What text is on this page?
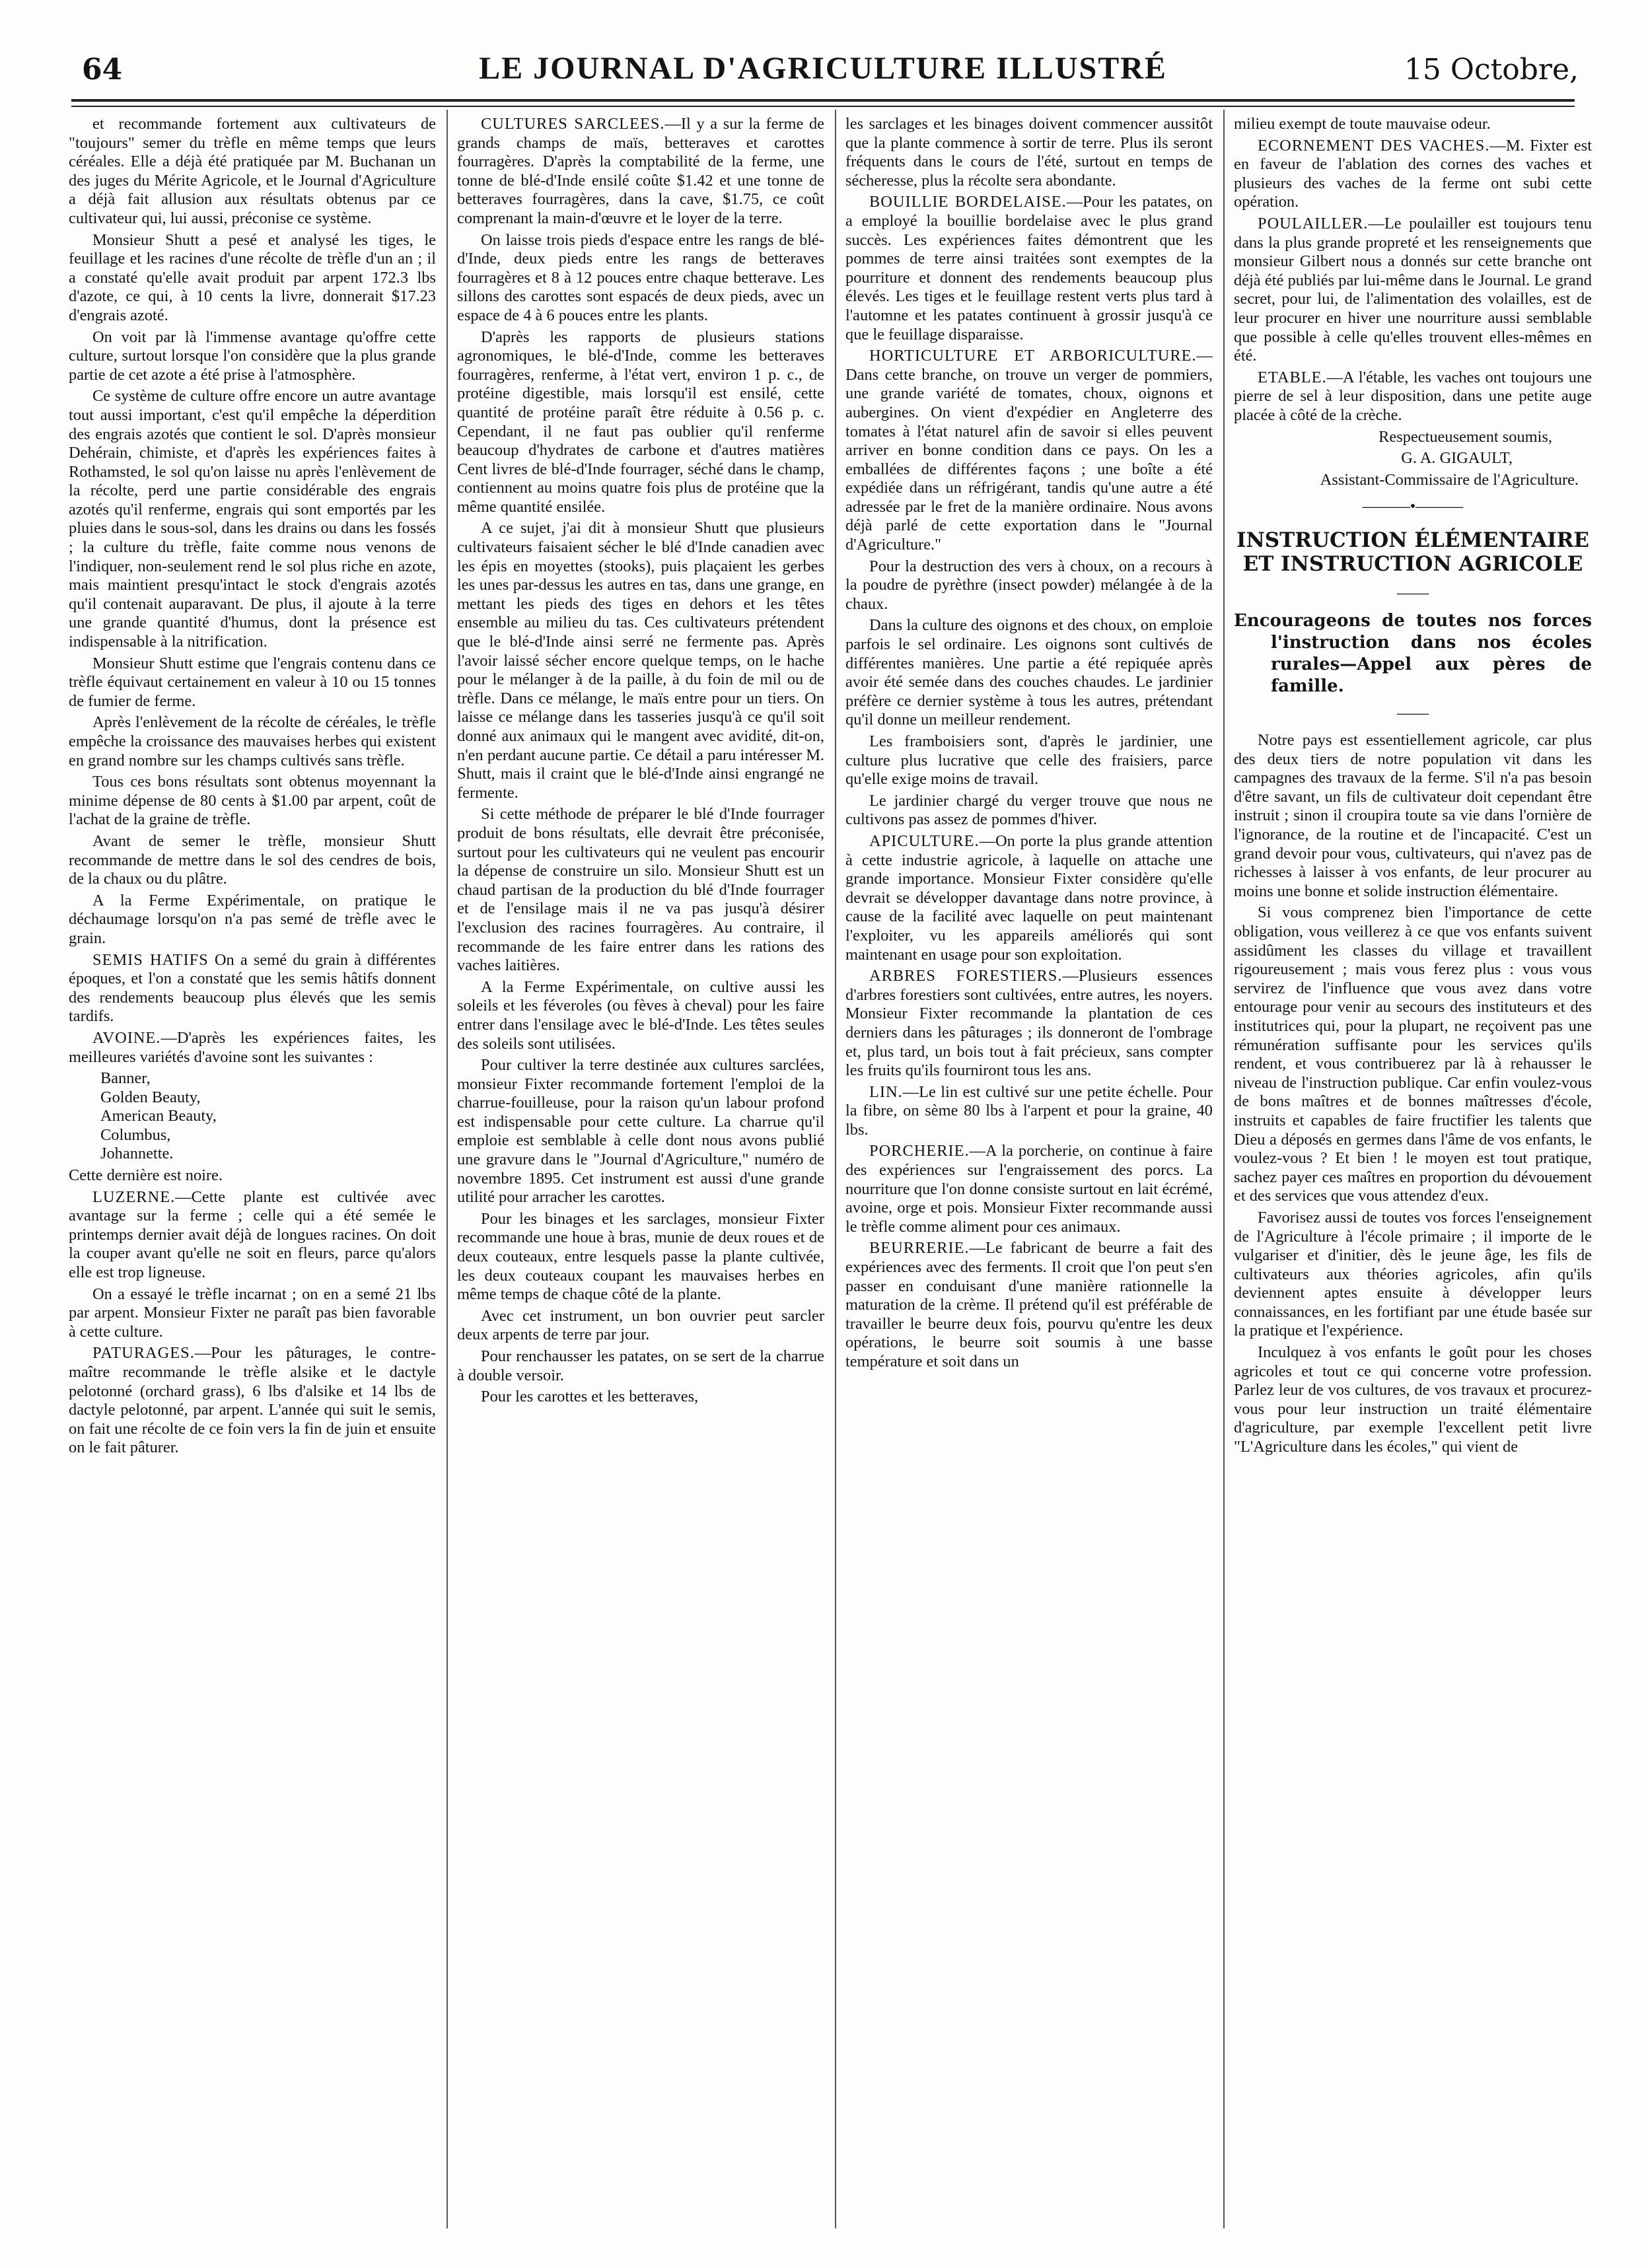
64	LE JOURNAL D'AGRICULTURE ILLUSTRÉ	15 Octobre,

et recommande fortement aux cultivateurs de "toujours" semer du trèfle en même temps que leurs céréales. Elle a déjà été pratiquée par M. Buchanan un des juges du Mérite Agricole, et le Journal d'Agriculture a déjà fait allusion aux résultats obtenus par ce cultivateur qui, lui aussi, préconise ce système.

Monsieur Shutt a pesé et analysé les tiges, le feuillage et les racines d'une récolte de trèfle d'un an ; il a constaté qu'elle avait produit par arpent 172.3 lbs d'azote, ce qui, à 10 cents la livre, donnerait $17.23 d'engrais azoté.

On voit par là l'immense avantage qu'offre cette culture, surtout lorsque l'on considère que la plus grande partie de cet azote a été prise à l'atmosphère.

Ce système de culture offre encore un autre avantage tout aussi important, c'est qu'il empêche la déperdition des engrais azotés que contient le sol. D'après monsieur Dehérain, chimiste, et d'après les expériences faites à Rothamsted, le sol qu'on laisse nu après l'enlèvement de la récolte, perd une partie considérable des engrais azotés qu'il renferme, engrais qui sont emportés par les pluies dans le sous-sol, dans les drains ou dans les fossés ; la culture du trèfle, faite comme nous venons de l'indiquer, non-seulement rend le sol plus riche en azote, mais maintient presqu'intact le stock d'engrais azotés qu'il contenait auparavant. De plus, il ajoute à la terre une grande quantité d'humus, dont la présence est indispensable à la nitrification.

Monsieur Shutt estime que l'engrais contenu dans ce trèfle équivaut certainement en valeur à 10 ou 15 tonnes de fumier de ferme.

Après l'enlèvement de la récolte de céréales, le trèfle empêche la croissance des mauvaises herbes qui existent en grand nombre sur les champs cultivés sans trèfle.

Tous ces bons résultats sont obtenus moyennant la minime dépense de 80 cents à $1.00 par arpent, coût de l'achat de la graine de trèfle.

Avant de semer le trèfle, monsieur Shutt recommande de mettre dans le sol des cendres de bois, de la chaux ou du plâtre.

A la Ferme Expérimentale, on pratique le déchaumage lorsqu'on n'a pas semé de trèfle avec le grain.

SEMIS HATIFS On a semé du grain à différentes époques, et l'on a constaté que les semis hâtifs donnent des rendements beaucoup plus élevés que les semis tardifs.

AVOINE.—D'après les expériences faites, les meilleures variétés d'avoine sont les suivantes :

Banner,
Golden Beauty,
American Beauty,
Columbus,
Johannette.

Cette dernière est noire.

LUZERNE.—Cette plante est cultivée avec avantage sur la ferme ; celle qui a été semée le printemps dernier avait déjà de longues racines. On doit la couper avant qu'elle ne soit en fleurs, parce qu'alors elle est trop ligneuse.

On a essayé le trèfle incarnat ; on en a semé 21 lbs par arpent. Monsieur Fixter ne paraît pas bien favorable à cette culture.

PATURAGES.—Pour les pâturages, le contre-maître recommande le trèfle alsike et le dactyle pelotonné (orchard grass), 6 lbs d'alsike et 14 lbs de dactyle pelotonné, par arpent. L'année qui suit le semis, on fait une récolte de ce foin vers la fin de juin et ensuite on le fait pâturer.

CULTURES SARCLEES.—Il y a sur la ferme de grands champs de maïs, betteraves et carottes fourragères. D'après la comptabilité de la ferme, une tonne de blé-d'Inde ensilé coûte $1.42 et une tonne de betteraves fourragères, dans la cave, $1.75, ce coût comprenant la main-d'œuvre et le loyer de la terre.

On laisse trois pieds d'espace entre les rangs de blé-d'Inde, deux pieds entre les rangs de betteraves fourragères et 8 à 12 pouces entre chaque betterave. Les sillons des carottes sont espacés de deux pieds, avec un espace de 4 à 6 pouces entre les plants.

D'après les rapports de plusieurs stations agronomiques, le blé-d'Inde, comme les betteraves fourragères, renferme, à l'état vert, environ 1 p. c., de protéine digestible, mais lorsqu'il est ensilé, cette quantité de protéine paraît être réduite à 0.56 p. c. Cependant, il ne faut pas oublier qu'il renferme beaucoup d'hydrates de carbone et d'autres matières Cent livres de blé-d'Inde fourrager, séché dans le champ, contiennent au moins quatre fois plus de protéine que la même quantité ensilée.

A ce sujet, j'ai dit à monsieur Shutt que plusieurs cultivateurs faisaient sécher le blé d'Inde canadien avec les épis en moyettes (stooks), puis plaçaient les gerbes les unes par-dessus les autres en tas, dans une grange, en mettant les pieds des tiges en dehors et les têtes ensemble au milieu du tas. Ces cultivateurs prétendent que le blé-d'Inde ainsi serré ne fermente pas. Après l'avoir laissé sécher encore quelque temps, on le hache pour le mélanger à de la paille, à du foin de mil ou de trèfle. Dans ce mélange, le maïs entre pour un tiers. On laisse ce mélange dans les tasseries jusqu'à ce qu'il soit donné aux animaux qui le mangent avec avidité, dit-on, n'en perdant aucune partie. Ce détail a paru intéresser M. Shutt, mais il craint que le blé-d'Inde ainsi engrangé ne fermente.

Si cette méthode de préparer le blé d'Inde fourrager produit de bons résultats, elle devrait être préconisée, surtout pour les cultivateurs qui ne veulent pas encourir la dépense de construire un silo. Monsieur Shutt est un chaud partisan de la production du blé d'Inde fourrager et de l'ensilage mais il ne va pas jusqu'à désirer l'exclusion des racines fourragères. Au contraire, il recommande de les faire entrer dans les rations des vaches laitières.

A la Ferme Expérimentale, on cultive aussi les soleils et les féveroles (ou fèves à cheval) pour les faire entrer dans l'ensilage avec le blé-d'Inde. Les têtes seules des soleils sont utilisées.

Pour cultiver la terre destinée aux cultures sarclées, monsieur Fixter recommande fortement l'emploi de la charrue-fouilleuse, pour la raison qu'un labour profond est indispensable pour cette culture. La charrue qu'il emploie est semblable à celle dont nous avons publié une gravure dans le "Journal d'Agriculture," numéro de novembre 1895. Cet instrument est aussi d'une grande utilité pour arracher les carottes.

Pour les binages et les sarclages, monsieur Fixter recommande une houe à bras, munie de deux roues et de deux couteaux, entre lesquels passe la plante cultivée, les deux couteaux coupant les mauvaises herbes en même temps de chaque côté de la plante.

Avec cet instrument, un bon ouvrier peut sarcler deux arpents de terre par jour.

Pour renchausser les patates, on se sert de la charrue à double versoir.

Pour les carottes et les betteraves,

les sarclages et les binages doivent commencer aussitôt que la plante commence à sortir de terre. Plus ils seront fréquents dans le cours de l'été, surtout en temps de sécheresse, plus la récolte sera abondante.

BOUILLIE BORDELAISE.—Pour les patates, on a employé la bouillie bordelaise avec le plus grand succès. Les expériences faites démontrent que les pommes de terre ainsi traitées sont exemptes de la pourriture et donnent des rendements beaucoup plus élevés. Les tiges et le feuillage restent verts plus tard à l'automne et les patates continuent à grossir jusqu'à ce que le feuillage disparaisse.

HORTICULTURE ET ARBORICULTURE.—Dans cette branche, on trouve un verger de pommiers, une grande variété de tomates, choux, oignons et aubergines. On vient d'expédier en Angleterre des tomates à l'état naturel afin de savoir si elles peuvent arriver en bonne condition dans ce pays. On les a emballées de différentes façons ; une boîte a été expédiée dans un réfrigérant, tandis qu'une autre a été adressée par le fret de la manière ordinaire. Nous avons déjà parlé de cette exportation dans le "Journal d'Agriculture."

Pour la destruction des vers à choux, on a recours à la poudre de pyrèthre (insect powder) mélangée à de la chaux.

Dans la culture des oignons et des choux, on emploie parfois le sel ordinaire. Les oignons sont cultivés de différentes manières. Une partie a été repiquée après avoir été semée dans des couches chaudes. Le jardinier préfère ce dernier système à tous les autres, prétendant qu'il donne un meilleur rendement.

Les framboisiers sont, d'après le jardinier, une culture plus lucrative que celle des fraisiers, parce qu'elle exige moins de travail.

Le jardinier chargé du verger trouve que nous ne cultivons pas assez de pommes d'hiver.

APICULTURE.—On porte la plus grande attention à cette industrie agricole, à laquelle on attache une grande importance. Monsieur Fixter considère qu'elle devrait se développer davantage dans notre province, à cause de la facilité avec laquelle on peut maintenant l'exploiter, vu les appareils améliorés qui sont maintenant en usage pour son exploitation.

ARBRES FORESTIERS.—Plusieurs essences d'arbres forestiers sont cultivées, entre autres, les noyers. Monsieur Fixter recommande la plantation de ces derniers dans les pâturages ; ils donneront de l'ombrage et, plus tard, un bois tout à fait précieux, sans compter les fruits qu'ils fourniront tous les ans.

LIN.—Le lin est cultivé sur une petite échelle. Pour la fibre, on sème 80 lbs à l'arpent et pour la graine, 40 lbs.

PORCHERIE.—A la porcherie, on continue à faire des expériences sur l'engraissement des porcs. La nourriture que l'on donne consiste surtout en lait écrémé, avoine, orge et pois. Monsieur Fixter recommande aussi le trèfle comme aliment pour ces animaux.

BEURRERIE.—Le fabricant de beurre a fait des expériences avec des ferments. Il croit que l'on peut s'en passer en conduisant d'une manière rationnelle la maturation de la crème. Il prétend qu'il est préférable de travailler le beurre deux fois, pourvu qu'entre les deux opérations, le beurre soit soumis à une basse température et soit dans un

milieu exempt de toute mauvaise odeur.

ECORNEMENT DES VACHES.—M. Fixter est en faveur de l'ablation des cornes des vaches et plusieurs des vaches de la ferme ont subi cette opération.

POULAILLER.—Le poulailler est toujours tenu dans la plus grande propreté et les renseignements que monsieur Gilbert nous a donnés sur cette branche ont déjà été publiés par lui-même dans le Journal. Le grand secret, pour lui, de l'alimentation des volailles, est de leur procurer en hiver une nourriture aussi semblable que possible à celle qu'elles trouvent elles-mêmes en été.

ETABLE.—A l'étable, les vaches ont toujours une pierre de sel à leur disposition, dans une petite auge placée à côté de la crèche.

Respectueusement soumis,

G. A. GIGAULT,

Assistant-Commissaire de l'Agriculture.

———•———
INSTRUCTION ÉLÉMENTAIRE ET INSTRUCTION AGRICOLE
——
Encourageons de toutes nos forces l'instruction dans nos écoles rurales—Appel aux pères de famille.
——

Notre pays est essentiellement agricole, car plus des deux tiers de notre population vit dans les campagnes des travaux de la ferme. S'il n'a pas besoin d'être savant, un fils de cultivateur doit cependant être instruit ; sinon il croupira toute sa vie dans l'ornière de l'ignorance, de la routine et de l'incapacité. C'est un grand devoir pour vous, cultivateurs, qui n'avez pas de richesses à laisser à vos enfants, de leur procurer au moins une bonne et solide instruction élémentaire.

Si vous comprenez bien l'importance de cette obligation, vous veillerez à ce que vos enfants suivent assidûment les classes du village et travaillent rigoureusement ; mais vous ferez plus : vous vous servirez de l'influence que vous avez dans votre entourage pour venir au secours des instituteurs et des institutrices qui, pour la plupart, ne reçoivent pas une rémunération suffisante pour les services qu'ils rendent, et vous contribuerez par là à rehausser le niveau de l'instruction publique. Car enfin voulez-vous de bons maîtres et de bonnes maîtresses d'école, instruits et capables de faire fructifier les talents que Dieu a déposés en germes dans l'âme de vos enfants, le voulez-vous ? Et bien ! le moyen est tout pratique, sachez payer ces maîtres en proportion du dévouement et des services que vous attendez d'eux.

Favorisez aussi de toutes vos forces l'enseignement de l'Agriculture à l'école primaire ; il importe de le vulgariser et d'initier, dès le jeune âge, les fils de cultivateurs aux théories agricoles, afin qu'ils deviennent aptes ensuite à développer leurs connaissances, en les fortifiant par une étude basée sur la pratique et l'expérience.

Inculquez à vos enfants le goût pour les choses agricoles et tout ce qui concerne votre profession. Parlez leur de vos cultures, de vos travaux et procurez-vous pour leur instruction un traité élémentaire d'agriculture, par exemple l'excellent petit livre "L'Agriculture dans les écoles," qui vient de
